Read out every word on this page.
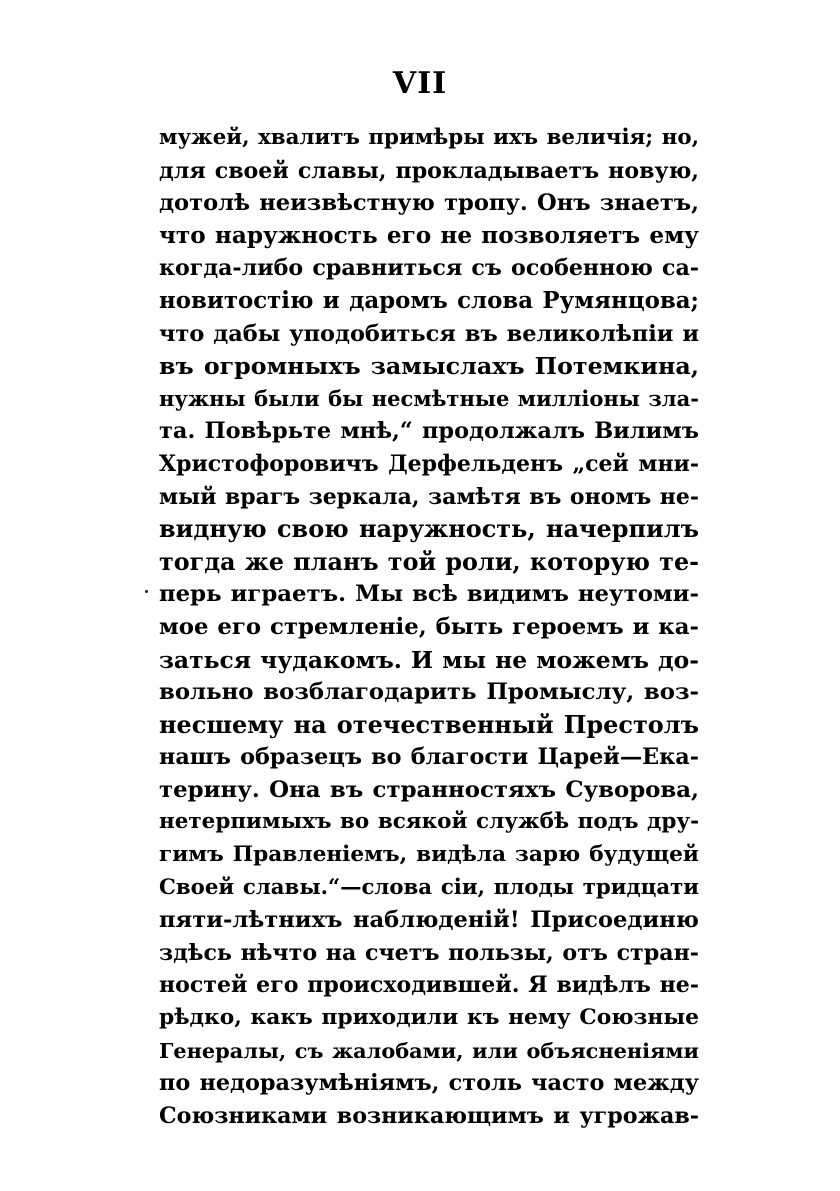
VII
мужей, хвалитъ примѣры ихъ величія; но,
для своей славы, прокладываетъ новую,
дотолѣ неизвѣстную тропу. Онъ знаетъ,
что наружность его не позволяетъ ему
когда-либо сравниться съ особенною са-
новитостію и даромъ слова Румянцова;
что дабы уподобиться въ великолѣпіи и
въ огромныхъ замыслахъ Потемкина,
нужны были бы несмѣтные милліоны зла-
та. Повѣрьте мнѣ,“ продолжалъ Вилимъ
Христофоровичъ Дерфельденъ „сей мни-
мый врагъ зеркала, замѣтя въ ономъ не-
видную свою наружность, начерпилъ
тогда же планъ той роли, которую те-
перь играетъ. Мы всѣ видимъ неутоми-
мое его стремленіе, быть героемъ и ка-
заться чудакомъ. И мы не можемъ до-
вольно возблагодарить Промыслу, воз-
несшему на отечественный Престолъ
нашъ образецъ во благости Царей—Ека-
терину. Она въ странностяхъ Суворова,
нетерпимыхъ во всякой службѣ подъ дру-
гимъ Правленіемъ, видѣла зарю будущей
Своей славы.“—слова сіи, плоды тридцати
пяти-лѣтнихъ наблюденій! Присоединю
здѣсь нѣчто на счетъ пользы, отъ стран-
ностей его происходившей. Я видѣлъ не-
рѣдко, какъ приходили къ нему Союзные
Генералы, съ жалобами, или объясненіями
по недоразумѣніямъ, столь часто между
Союзниками возникающимъ и угрожав-
